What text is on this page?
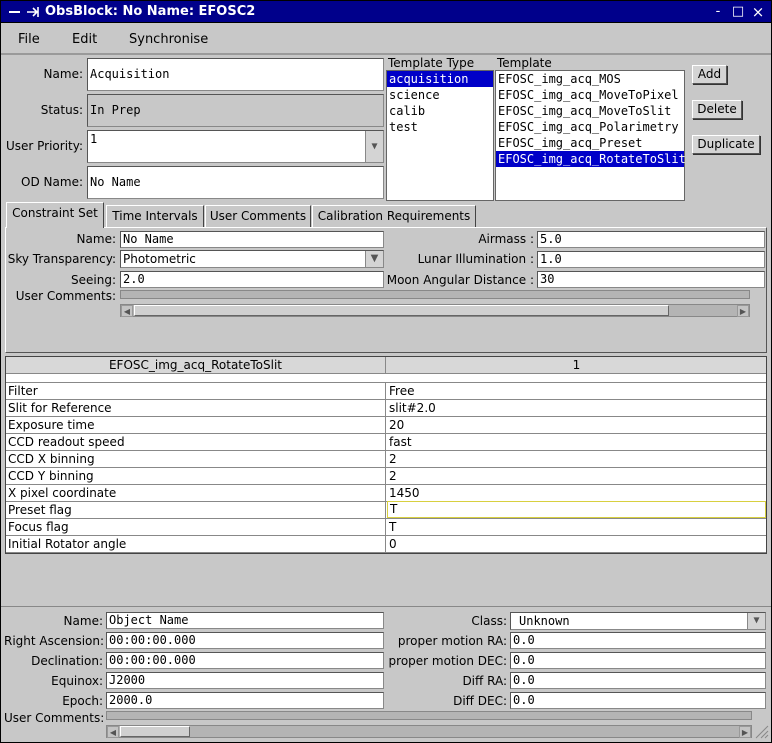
ObsBlock: No Name: EFOSC2	- □ ×
File Edit Synchronise
Name: Acquisition
Status: In Prep
User Priority: 1
▼
OD Name: No Name
Template Type
acquisition
science
calib
test
Template
EFOSC_img_acq_MOS
EFOSC_img_acq_MoveToPixel
EFOSC_img_acq_MoveToSlit
EFOSC_img_acq_Polarimetry
EFOSC_img_acq_Preset
EFOSC_img_acq_RotateToSlit
Add
Delete
Duplicate
Constraint Set	Time Intervals	User Comments Calibration Requirements
Name: No Name
Sky Transparency: Photometric	▼
Seeing: 2.0
User Comments:
◀	▶
Airmass : 5.0
Lunar Illumination : 1.0
Moon Angular Distance : 30
EFOSC_img_acq_RotateToSlit	1
Filter	Free
Slit for Reference	slit#2.0
Exposure time	20
CCD readout speed	fast
CCD X binning	2
CCD Y binning	2
X pixel coordinate	1450
Preset flag	T
Focus flag	T
Initial Rotator angle	0
Name: Object Name
Right Ascension: 00:00:00.000
Declination: 00:00:00.000
Equinox: J2000
Epoch: 2000.0
User Comments:
◀	▶
Class:	Unknown	▼
proper motion RA: 0.0
proper motion DEC: 0.0
Diff RA: 0.0
Diff DEC: 0.0
